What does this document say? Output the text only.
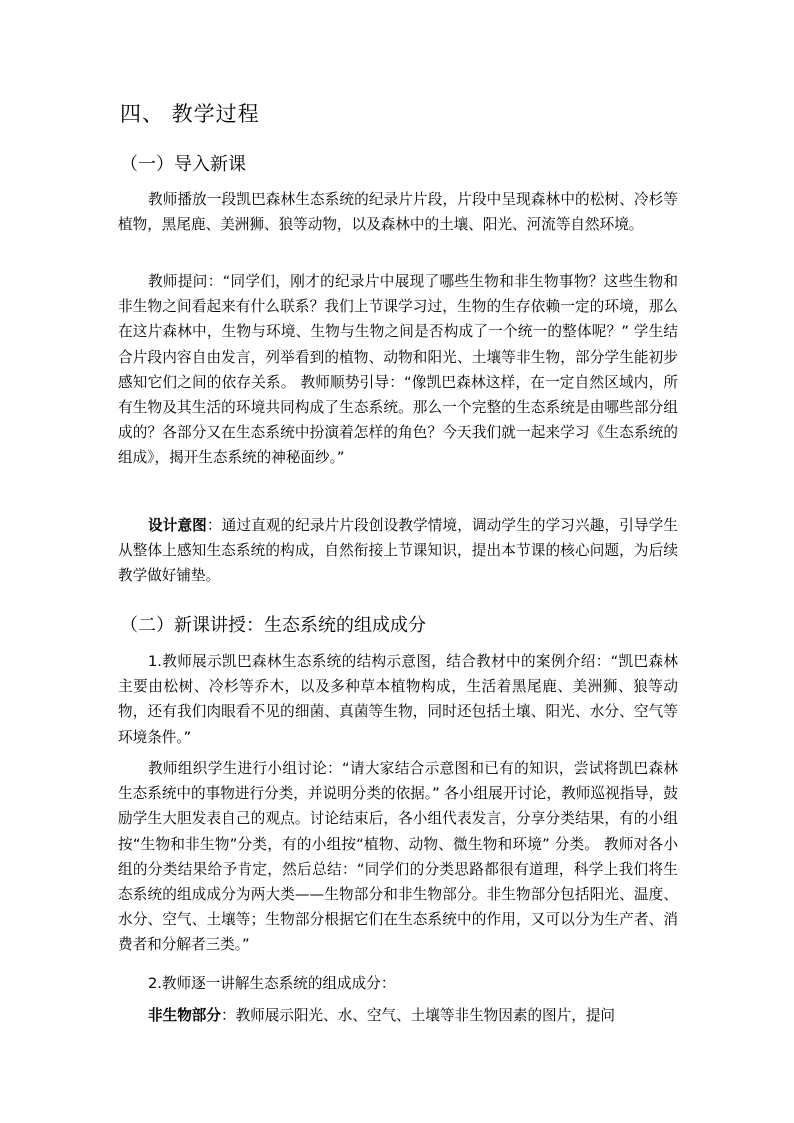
四、 教学过程
（一）导入新课
教师播放一段凯巴森林生态系统的纪录片片段，片段中呈现森林中的松树、冷杉等植物，黑尾鹿、美洲狮、狼等动物，以及森林中的土壤、阳光、河流等自然环境。
教师提问：“同学们，刚才的纪录片中展现了哪些生物和非生物事物？这些生物和非生物之间看起来有什么联系？我们上节课学习过，生物的生存依赖一定的环境，那么在这片森林中，生物与环境、生物与生物之间是否构成了一个统一的整体呢？” 学生结合片段内容自由发言，列举看到的植物、动物和阳光、土壤等非生物，部分学生能初步感知它们之间的依存关系。 教师顺势引导：“像凯巴森林这样，在一定自然区域内，所有生物及其生活的环境共同构成了生态系统。那么一个完整的生态系统是由哪些部分组成的？各部分又在生态系统中扮演着怎样的角色？今天我们就一起来学习《生态系统的组成》，揭开生态系统的神秘面纱。”
设计意图：通过直观的纪录片片段创设教学情境，调动学生的学习兴趣，引导学生从整体上感知生态系统的构成，自然衔接上节课知识，提出本节课的核心问题，为后续教学做好铺垫。
（二）新课讲授：生态系统的组成成分
1.教师展示凯巴森林生态系统的结构示意图，结合教材中的案例介绍：“凯巴森林主要由松树、冷杉等乔木，以及多种草本植物构成，生活着黑尾鹿、美洲狮、狼等动物，还有我们肉眼看不见的细菌、真菌等生物，同时还包括土壤、阳光、水分、空气等环境条件。”
教师组织学生进行小组讨论：“请大家结合示意图和已有的知识，尝试将凯巴森林生态系统中的事物进行分类，并说明分类的依据。” 各小组展开讨论，教师巡视指导，鼓励学生大胆发表自己的观点。讨论结束后，各小组代表发言，分享分类结果，有的小组按“生物和非生物”分类，有的小组按“植物、动物、微生物和环境” 分类。 教师对各小组的分类结果给予肯定，然后总结：“同学们的分类思路都很有道理，科学上我们将生态系统的组成成分为两大类——生物部分和非生物部分。非生物部分包括阳光、温度、水分、空气、土壤等；生物部分根据它们在生态系统中的作用，又可以分为生产者、消费者和分解者三类。”
2.教师逐一讲解生态系统的组成成分：
非生物部分：教师展示阳光、水、空气、土壤等非生物因素的图片，提问
